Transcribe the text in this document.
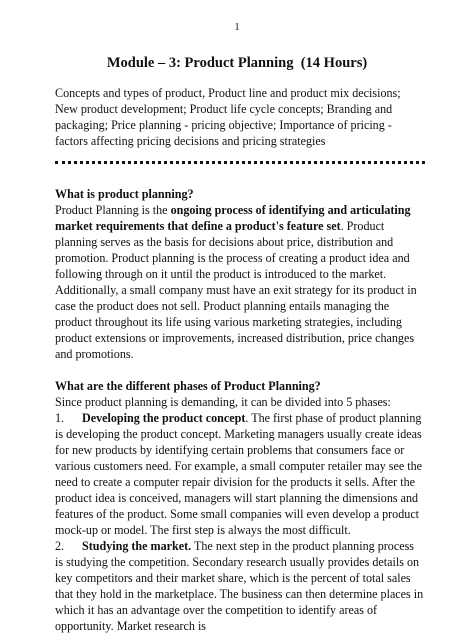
1
Module – 3: Product Planning  (14 Hours)

Concepts and types of product, Product line and product mix decisions; New product development; Product life cycle concepts; Branding and packaging; Price planning - pricing objective; Importance of pricing - factors affecting pricing decisions and pricing strategies

What is product planning?

Product Planning is the ongoing process of identifying and articulating market requirements that define a product's feature set. Product planning serves as the basis for decisions about price, distribution and promotion. Product planning is the process of creating a product idea and following through on it until the product is introduced to the market. Additionally, a small company must have an exit strategy for its product in case the product does not sell. Product planning entails managing the product throughout its life using various marketing strategies, including product extensions or improvements, increased distribution, price changes and promotions.

What are the different phases of Product Planning?

Since product planning is demanding, it can be divided into 5 phases:

1. Developing the product concept. The first phase of product planning is developing the product concept. Marketing managers usually create ideas for new products by identifying certain problems that consumers face or various customers need. For example, a small computer retailer may see the need to create a computer repair division for the products it sells. After the product idea is conceived, managers will start planning the dimensions and features of the product. Some small companies will even develop a product mock-up or model. The first step is always the most difficult.

2. Studying the market. The next step in the product planning process is studying the competition. Secondary research usually provides details on key competitors and their market share, which is the percent of total sales that they hold in the marketplace. The business can then determine places in which it has an advantage over the competition to identify areas of opportunity. Market research is
